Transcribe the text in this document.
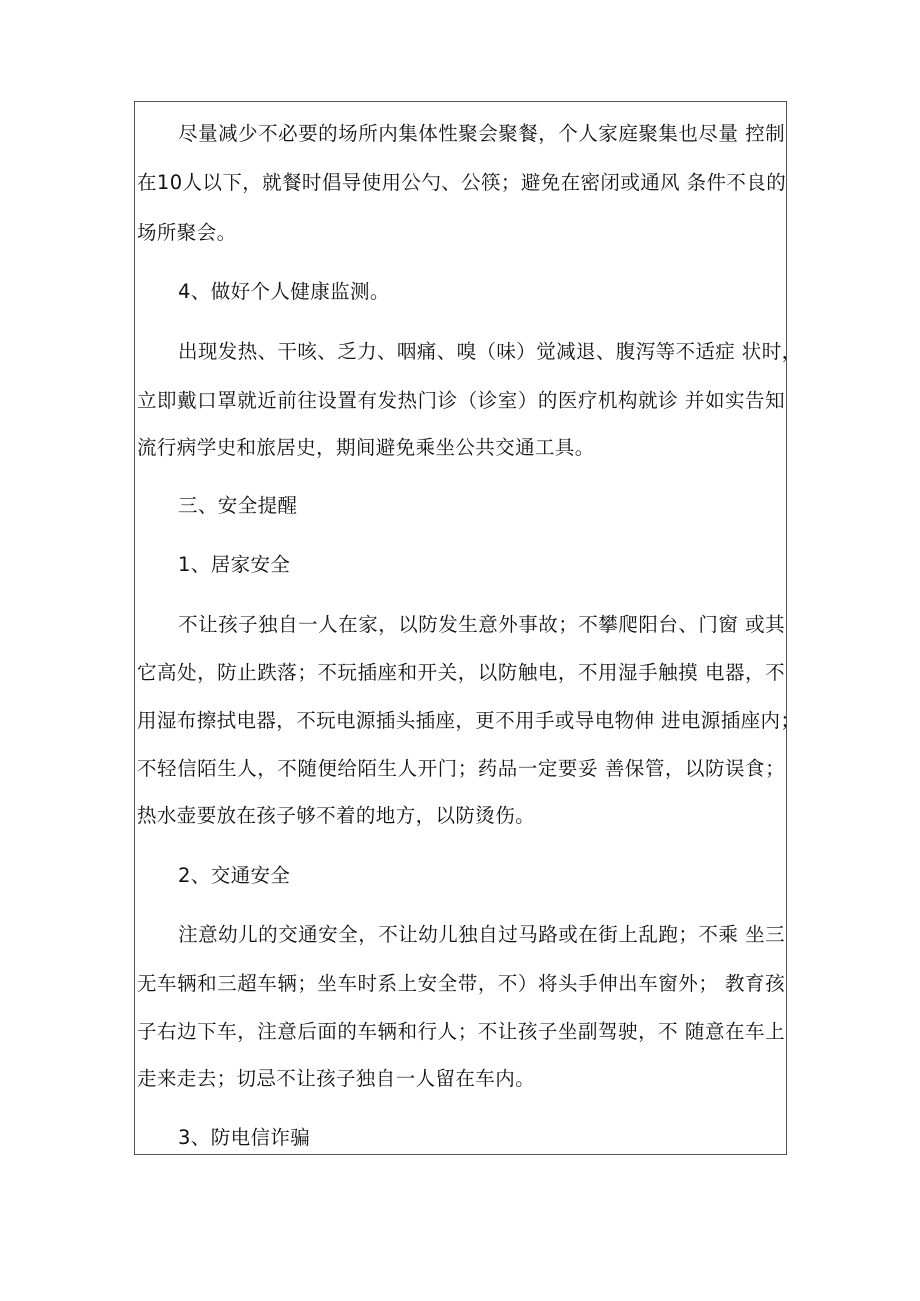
尽量减少不必要的场所内集体性聚会聚餐，个人家庭聚集也尽量 控制
在10人以下，就餐时倡导使用公勺、公筷；避免在密闭或通风 条件不良的
场所聚会。
4、做好个人健康监测。
出现发热、干咳、乏力、咽痛、嗅（味）觉减退、腹泻等不适症 状时，
立即戴口罩就近前往设置有发热门诊（诊室）的医疗机构就诊 并如实告知
流行病学史和旅居史，期间避免乘坐公共交通工具。
三、安全提醒
1、居家安全
不让孩子独自一人在家，以防发生意外事故；不攀爬阳台、门窗 或其
它高处，防止跌落；不玩插座和开关，以防触电，不用湿手触摸 电器，不
用湿布擦拭电器，不玩电源插头插座，更不用手或导电物伸 进电源插座内；
不轻信陌生人，不随便给陌生人开门；药品一定要妥 善保管，以防误食；
热水壶要放在孩子够不着的地方，以防烫伤。
2、交通安全
注意幼儿的交通安全，不让幼儿独自过马路或在街上乱跑；不乘 坐三
无车辆和三超车辆；坐车时系上安全带，不）将头手伸出车窗外； 教育孩
子右边下车，注意后面的车辆和行人；不让孩子坐副驾驶，不 随意在车上
走来走去；切忌不让孩子独自一人留在车内。
3、防电信诈骗
